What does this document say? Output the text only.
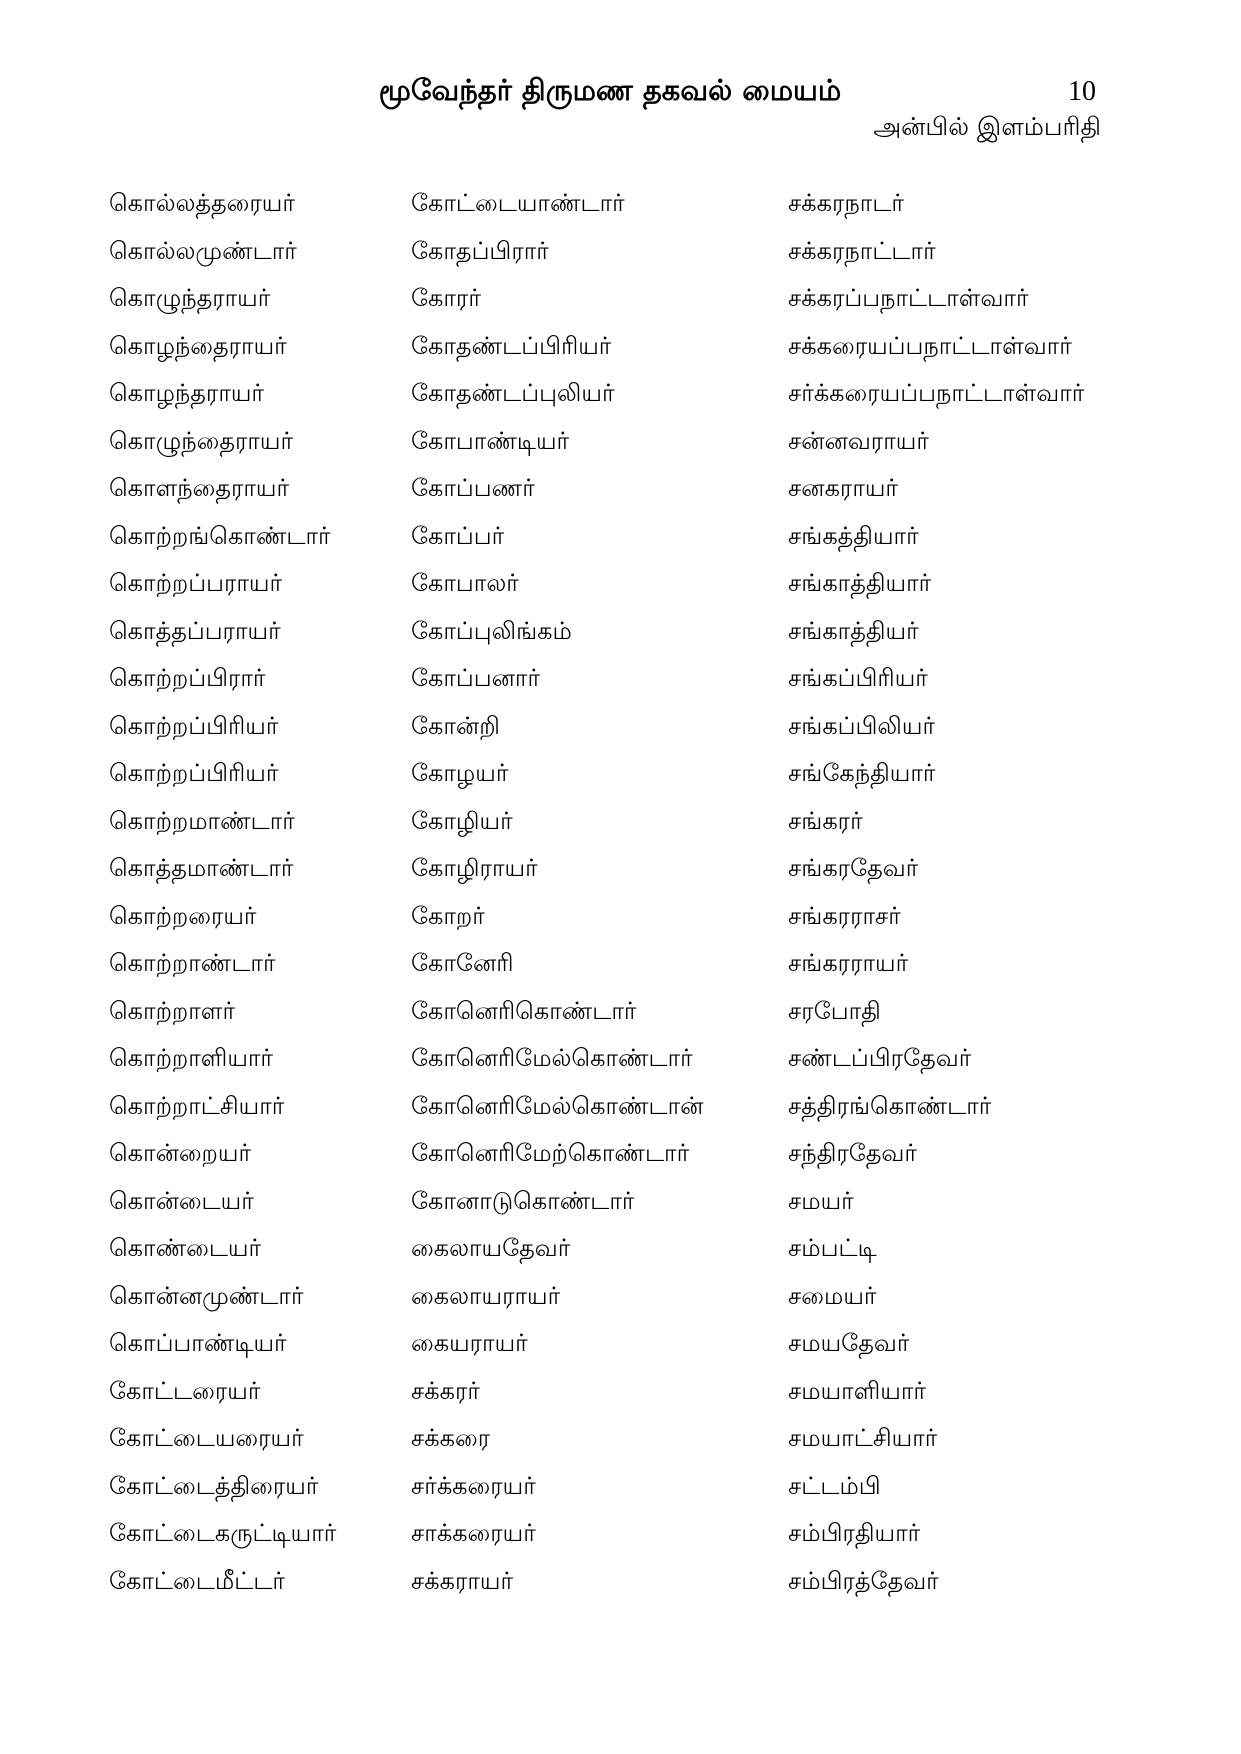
மூவேந்தர் திருமண தகவல் மையம்	10
அன்பில் இளம்பரிதி
கொல்லத்தரையர்	கோட்டையாண்டார்	சக்கரநாடர்
கொல்லமுண்டார்	கோதப்பிரார்	சக்கரநாட்டார்
கொழுந்தராயர்	கோரர்	சக்கரப்பநாட்டாள்வார்
கொழந்தைராயர்	கோதண்டப்பிரியர்	சக்கரையப்பநாட்டாள்வார்
கொழந்தராயர்	கோதண்டப்புலியர்	சர்க்கரையப்பநாட்டாள்வார்
கொழுந்தைராயர்	கோபாண்டியர்	சன்னவராயர்
கொளந்தைராயர்	கோப்பணர்	சனகராயர்
கொற்றங்கொண்டார்	கோப்பர்	சங்கத்தியார்
கொற்றப்பராயர்	கோபாலர்	சங்காத்தியார்
கொத்தப்பராயர்	கோப்புலிங்கம்	சங்காத்தியர்
கொற்றப்பிரார்	கோப்பனார்	சங்கப்பிரியர்
கொற்றப்பிரியர்	கோன்றி	சங்கப்பிலியர்
கொற்றப்பிரியர்	கோழயர்	சங்கேந்தியார்
கொற்றமாண்டார்	கோழியர்	சங்கரர்
கொத்தமாண்டார்	கோழிராயர்	சங்கரதேவர்
கொற்றரையர்	கோறர்	சங்கரராசர்
கொற்றாண்டார்	கோனேரி	சங்கரராயர்
கொற்றாளர்	கோனெரிகொண்டார்	சரபோதி
கொற்றாளியார்	கோனெரிமேல்கொண்டார்	சண்டப்பிரதேவர்
கொற்றாட்சியார்	கோனெரிமேல்கொண்டான்	சத்திரங்கொண்டார்
கொன்றையர்	கோனெரிமேற்கொண்டார்	சந்திரதேவர்
கொன்டையர்	கோனாடுகொண்டார்	சமயர்
கொண்டையர்	கைலாயதேவர்	சம்பட்டி
கொன்னமுண்டார்	கைலாயராயர்	சமையர்
கொப்பாண்டியர்	கையராயர்	சமயதேவர்
கோட்டரையர்	சக்கரர்	சமயாளியார்
கோட்டையரையர்	சக்கரை	சமயாட்சியார்
கோட்டைத்திரையர்	சர்க்கரையர்	சட்டம்பி
கோட்டைகருட்டியார்	சாக்கரையர்	சம்பிரதியார்
கோட்டைமீட்டர்	சக்கராயர்	சம்பிரத்தேவர்
